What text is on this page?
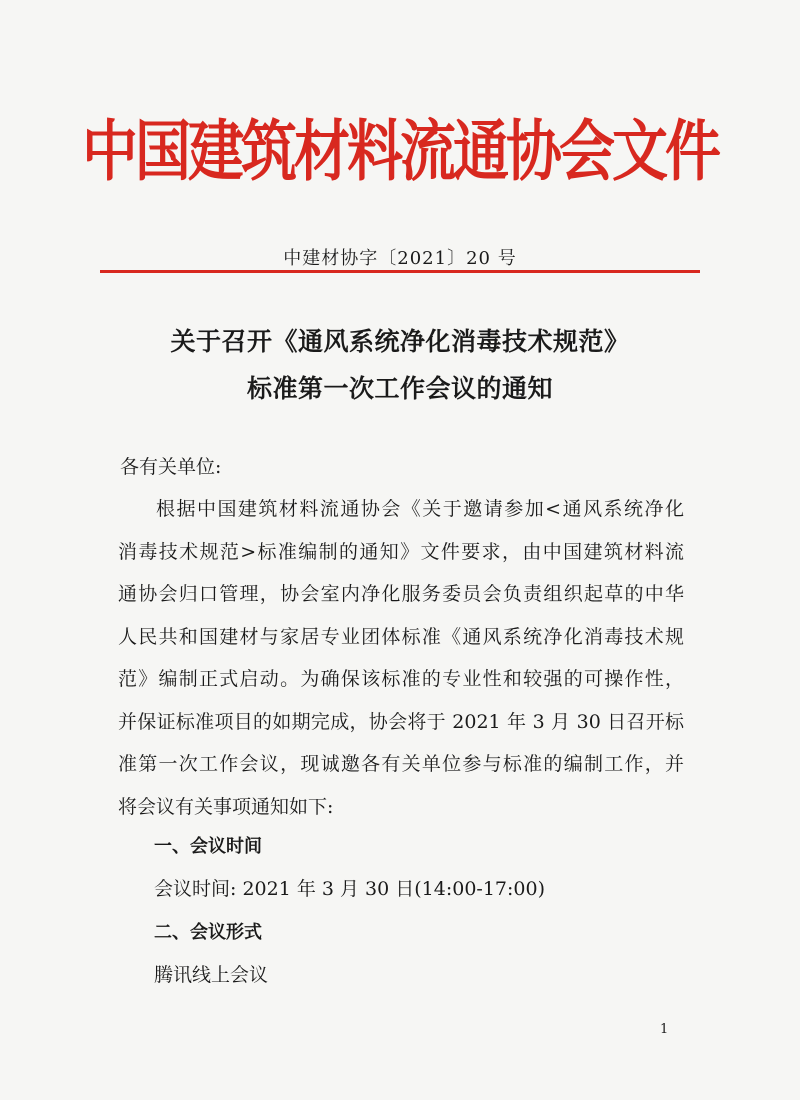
中国建筑材料流通协会文件
中建材协字〔2021〕20 号
关于召开《通风系统净化消毒技术规范》
标准第一次工作会议的通知
各有关单位:
根据中国建筑材料流通协会《关于邀请参加<通风系统净化
消毒技术规范>标准编制的通知》文件要求，由中国建筑材料流
通协会归口管理，协会室内净化服务委员会负责组织起草的中华
人民共和国建材与家居专业团体标准《通风系统净化消毒技术规
范》编制正式启动。为确保该标准的专业性和较强的可操作性，
并保证标准项目的如期完成，协会将于 2021 年 3 月 30 日召开标
准第一次工作会议，现诚邀各有关单位参与标准的编制工作，并
将会议有关事项通知如下:
一、会议时间
会议时间: 2021 年 3 月 30 日(14:00-17:00)
二、会议形式
腾讯线上会议
1
